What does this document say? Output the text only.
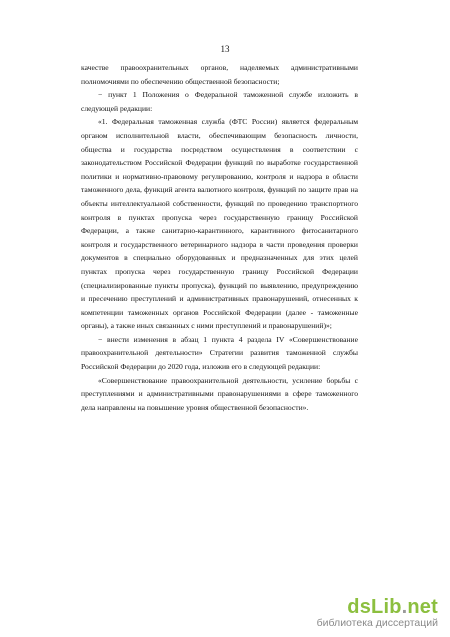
13

качестве правоохранительных органов, наделяемых административными полномочиями по обеспечению общественной безопасности;

− пункт 1 Положения о Федеральной таможенной службе изложить в следующей редакции:

«1. Федеральная таможенная служба (ФТС России) является федеральным органом исполнительной власти, обеспечивающим безопасность личности, общества и государства посредством осуществления в соответствии с законодательством Российской Федерации функций по выработке государственной политики и нормативно-правовому регулированию, контроля и надзора в области таможенного дела, функций агента валютного контроля, функций по защите прав на объекты интеллектуальной собственности, функций по проведению транспортного контроля в пунктах пропуска через государственную границу Российской Федерации, а также санитарно-карантинного, карантинного фитосанитарного контроля и государственного ветеринарного надзора в части проведения проверки документов в специально оборудованных и предназначенных для этих целей пунктах пропуска через государственную границу Российской Федерации (специализированные пункты пропуска), функций по выявлению, предупреждению и пресечению преступлений и административных правонарушений, отнесенных к компетенции таможенных органов Российской Федерации (далее - таможенные органы), а также иных связанных с ними преступлений и правонарушений)»;

− внести изменения в абзац 1 пункта 4 раздела IV «Совершенствование правоохранительной деятельности» Стратегии развития таможенной службы Российской Федерации до 2020 года, изложив его в следующей редакции:

«Совершенствование правоохранительной деятельности, усиление борьбы с преступлениями и административными правонарушениями в сфере таможенного дела направлены на повышение уровня общественной безопасности».

dsLib.net
библиотека диссертаций
